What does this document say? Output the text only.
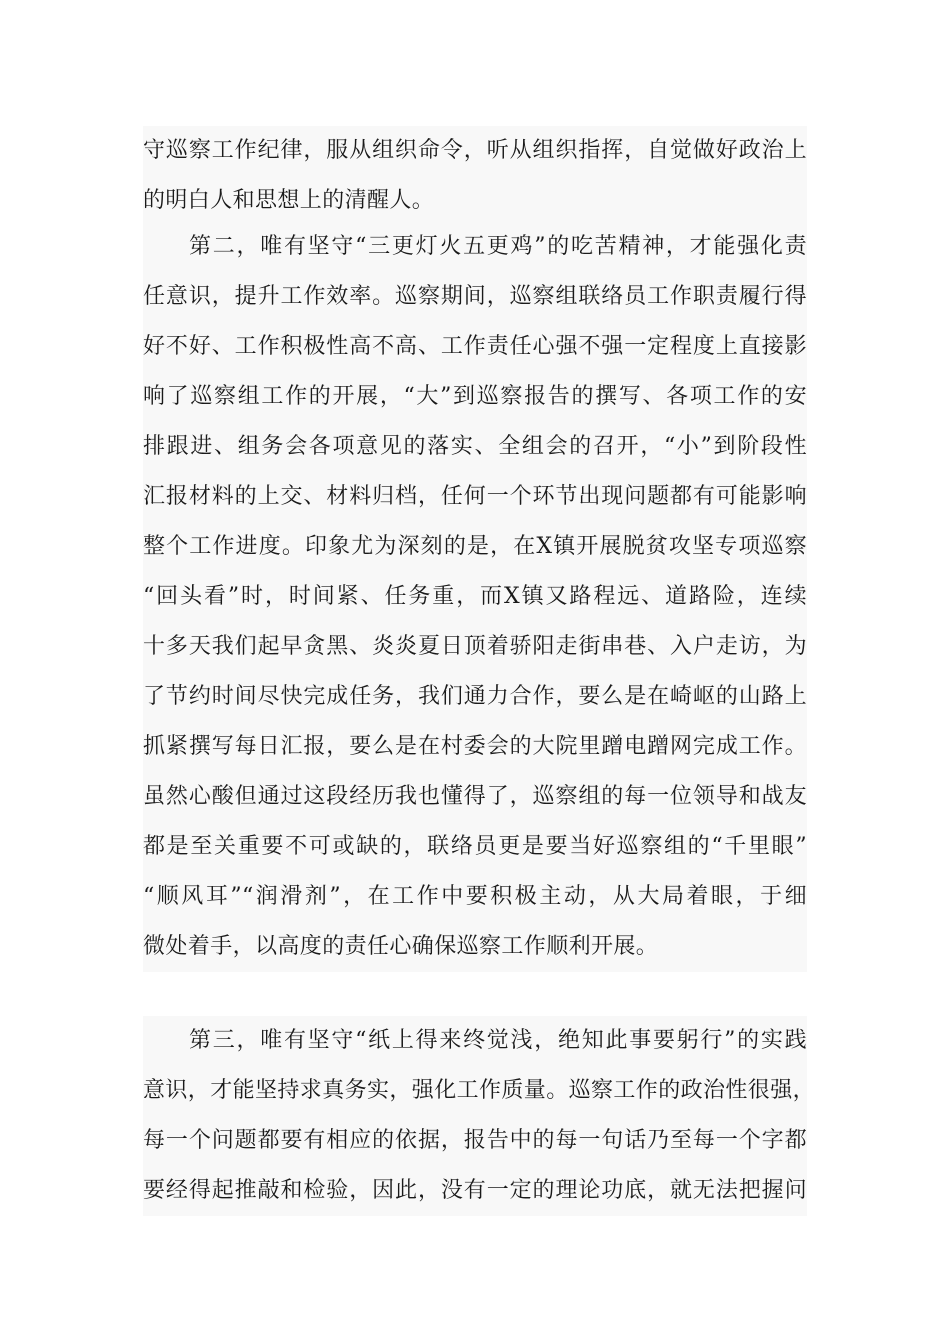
守巡察工作纪律，服从组织命令，听从组织指挥，自觉做好政治上
的明白人和思想上的清醒人。
第二，唯有坚守“三更灯火五更鸡”的吃苦精神，才能强化责
任意识，提升工作效率。巡察期间，巡察组联络员工作职责履行得
好不好、工作积极性高不高、工作责任心强不强一定程度上直接影
响了巡察组工作的开展，“大”到巡察报告的撰写、各项工作的安
排跟进、组务会各项意见的落实、全组会的召开，“小”到阶段性
汇报材料的上交、材料归档，任何一个环节出现问题都有可能影响
整个工作进度。印象尤为深刻的是，在X镇开展脱贫攻坚专项巡察
“回头看”时，时间紧、任务重，而X镇又路程远、道路险，连续
十多天我们起早贪黑、炎炎夏日顶着骄阳走街串巷、入户走访，为
了节约时间尽快完成任务，我们通力合作，要么是在崎岖的山路上
抓紧撰写每日汇报，要么是在村委会的大院里蹭电蹭网完成工作。
虽然心酸但通过这段经历我也懂得了，巡察组的每一位领导和战友
都是至关重要不可或缺的，联络员更是要当好巡察组的“千里眼”
“顺风耳”“润滑剂”，在工作中要积极主动，从大局着眼，于细
微处着手，以高度的责任心确保巡察工作顺利开展。
第三，唯有坚守“纸上得来终觉浅，绝知此事要躬行”的实践
意识，才能坚持求真务实，强化工作质量。巡察工作的政治性很强，
每一个问题都要有相应的依据，报告中的每一句话乃至每一个字都
要经得起推敲和检验，因此，没有一定的理论功底，就无法把握问
